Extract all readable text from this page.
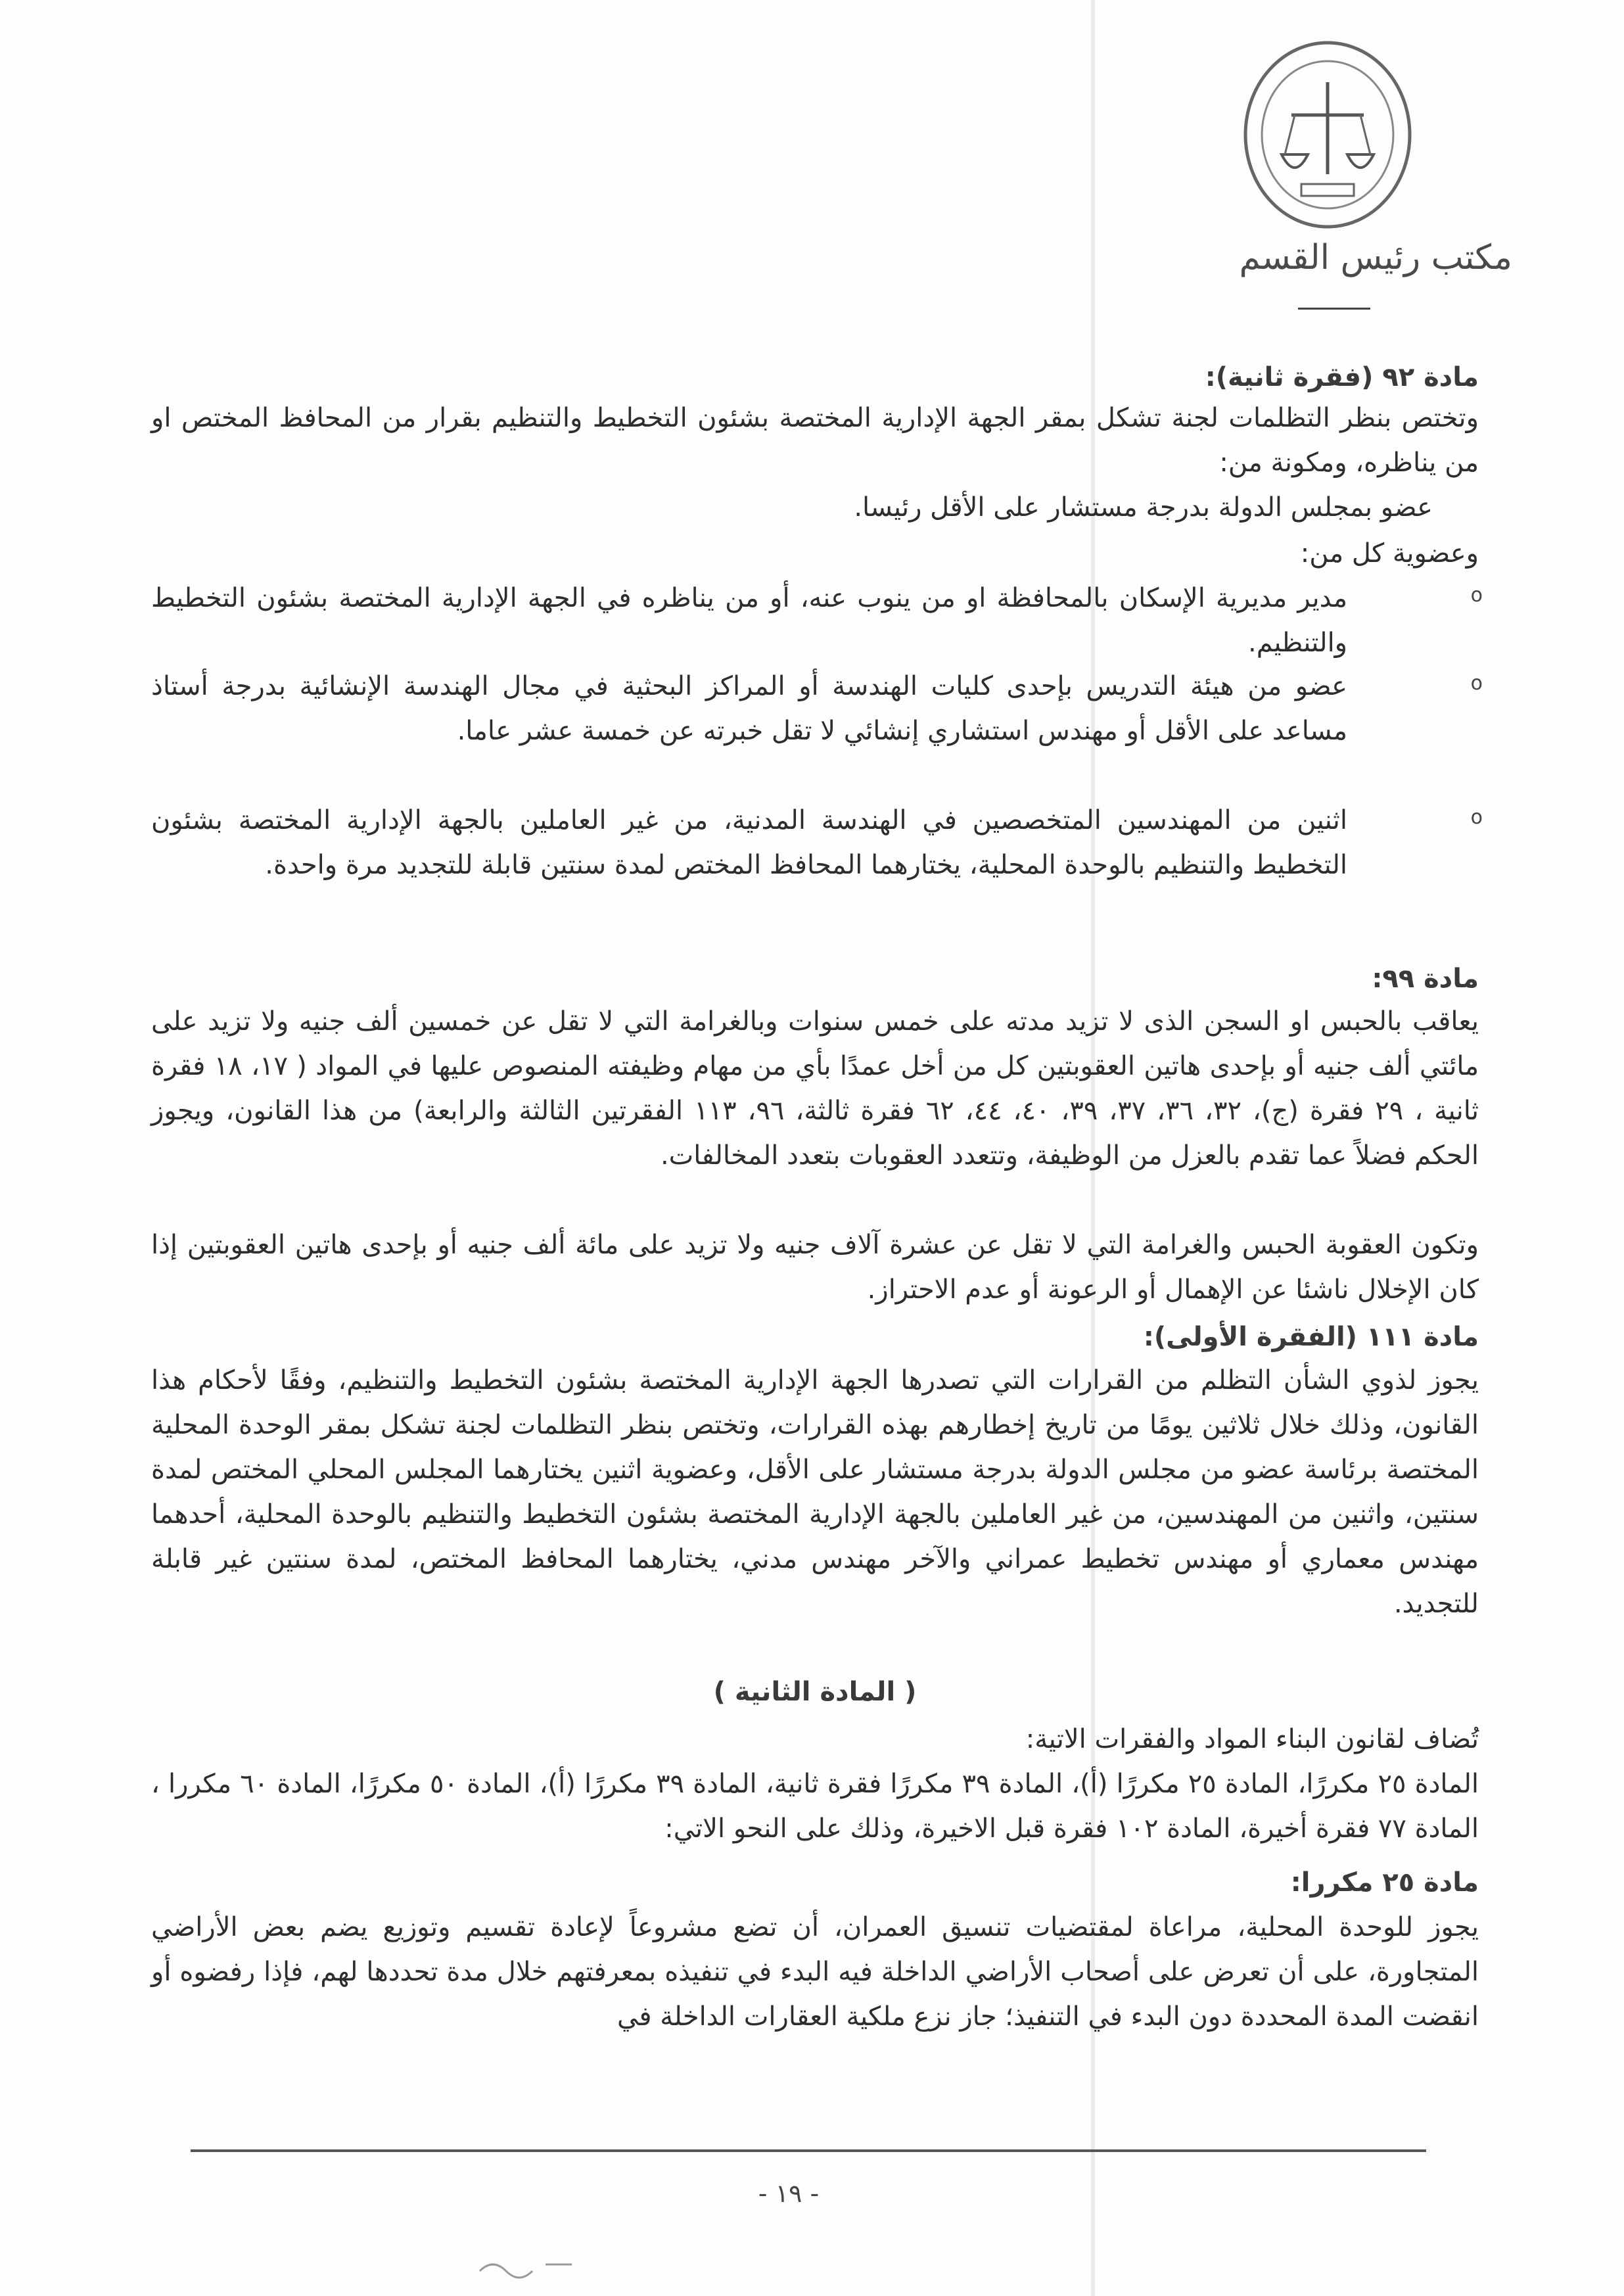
مكتب رئيس القسم
مادة ٩٢ (فقرة ثانية):
وتختص بنظر التظلمات لجنة تشكل بمقر الجهة الإدارية المختصة بشئون التخطيط والتنظيم بقرار من المحافظ المختص او من يناظره، ومكونة من:
عضو بمجلس الدولة بدرجة مستشار على الأقل رئيسا.
وعضوية كل من:
o
مدير مديرية الإسكان بالمحافظة او من ينوب عنه، أو من يناظره في الجهة الإدارية المختصة بشئون التخطيط والتنظيم.
o
عضو من هيئة التدريس بإحدى كليات الهندسة أو المراكز البحثية في مجال الهندسة الإنشائية بدرجة أستاذ مساعد على الأقل أو مهندس استشاري إنشائي لا تقل خبرته عن خمسة عشر عاما.
o
اثنين من المهندسين المتخصصين في الهندسة المدنية، من غير العاملين بالجهة الإدارية المختصة بشئون التخطيط والتنظيم بالوحدة المحلية، يختارهما المحافظ المختص لمدة سنتين قابلة للتجديد مرة واحدة.
مادة ٩٩:
يعاقب بالحبس او السجن الذى لا تزيد مدته على خمس سنوات وبالغرامة التي لا تقل عن خمسين ألف جنيه ولا تزيد على مائتي ألف جنيه أو بإحدى هاتين العقوبتين كل من أخل عمدًا بأي من مهام وظيفته المنصوص عليها في المواد ( ١٧، ١٨ فقرة ثانية ، ٢٩ فقرة (ج)، ٣٢، ٣٦، ٣٧، ٣٩، ٤٠، ٤٤، ٦٢ فقرة ثالثة، ٩٦، ١١٣ الفقرتين الثالثة والرابعة) من هذا القانون، ويجوز الحكم فضلاً عما تقدم بالعزل من الوظيفة، وتتعدد العقوبات بتعدد المخالفات.
وتكون العقوبة الحبس والغرامة التي لا تقل عن عشرة آلاف جنيه ولا تزيد على مائة ألف جنيه أو بإحدى هاتين العقوبتين إذا كان الإخلال ناشئا عن الإهمال أو الرعونة أو عدم الاحتراز.
مادة ١١١ (الفقرة الأولى):
يجوز لذوي الشأن التظلم من القرارات التي تصدرها الجهة الإدارية المختصة بشئون التخطيط والتنظيم، وفقًا لأحكام هذا القانون، وذلك خلال ثلاثين يومًا من تاريخ إخطارهم بهذه القرارات، وتختص بنظر التظلمات لجنة تشكل بمقر الوحدة المحلية المختصة برئاسة عضو من مجلس الدولة بدرجة مستشار على الأقل، وعضوية اثنين يختارهما المجلس المحلي المختص لمدة سنتين، واثنين من المهندسين، من غير العاملين بالجهة الإدارية المختصة بشئون التخطيط والتنظيم بالوحدة المحلية، أحدهما مهندس معماري أو مهندس تخطيط عمراني والآخر مهندس مدني، يختارهما المحافظ المختص، لمدة سنتين غير قابلة للتجديد.
( المادة الثانية )
تُضاف لقانون البناء المواد والفقرات الاتية:
المادة ٢٥ مكررًا، المادة ٢٥ مكررًا (أ)، المادة ٣٩ مكررًا فقرة ثانية، المادة ٣٩ مكررًا (أ)، المادة ٥٠ مكررًا، المادة ٦٠ مكررا ، المادة ٧٧ فقرة أخيرة، المادة ١٠٢ فقرة قبل الاخيرة، وذلك على النحو الاتي:
مادة ٢٥ مكررا:
يجوز للوحدة المحلية، مراعاة لمقتضيات تنسيق العمران، أن تضع مشروعاً لإعادة تقسيم وتوزيع يضم بعض الأراضي المتجاورة، على أن تعرض على أصحاب الأراضي الداخلة فيه البدء في تنفيذه بمعرفتهم خلال مدة تحددها لهم، فإذا رفضوه أو انقضت المدة المحددة دون البدء في التنفيذ؛ جاز نزع ملكية العقارات الداخلة في
- ١٩ -
